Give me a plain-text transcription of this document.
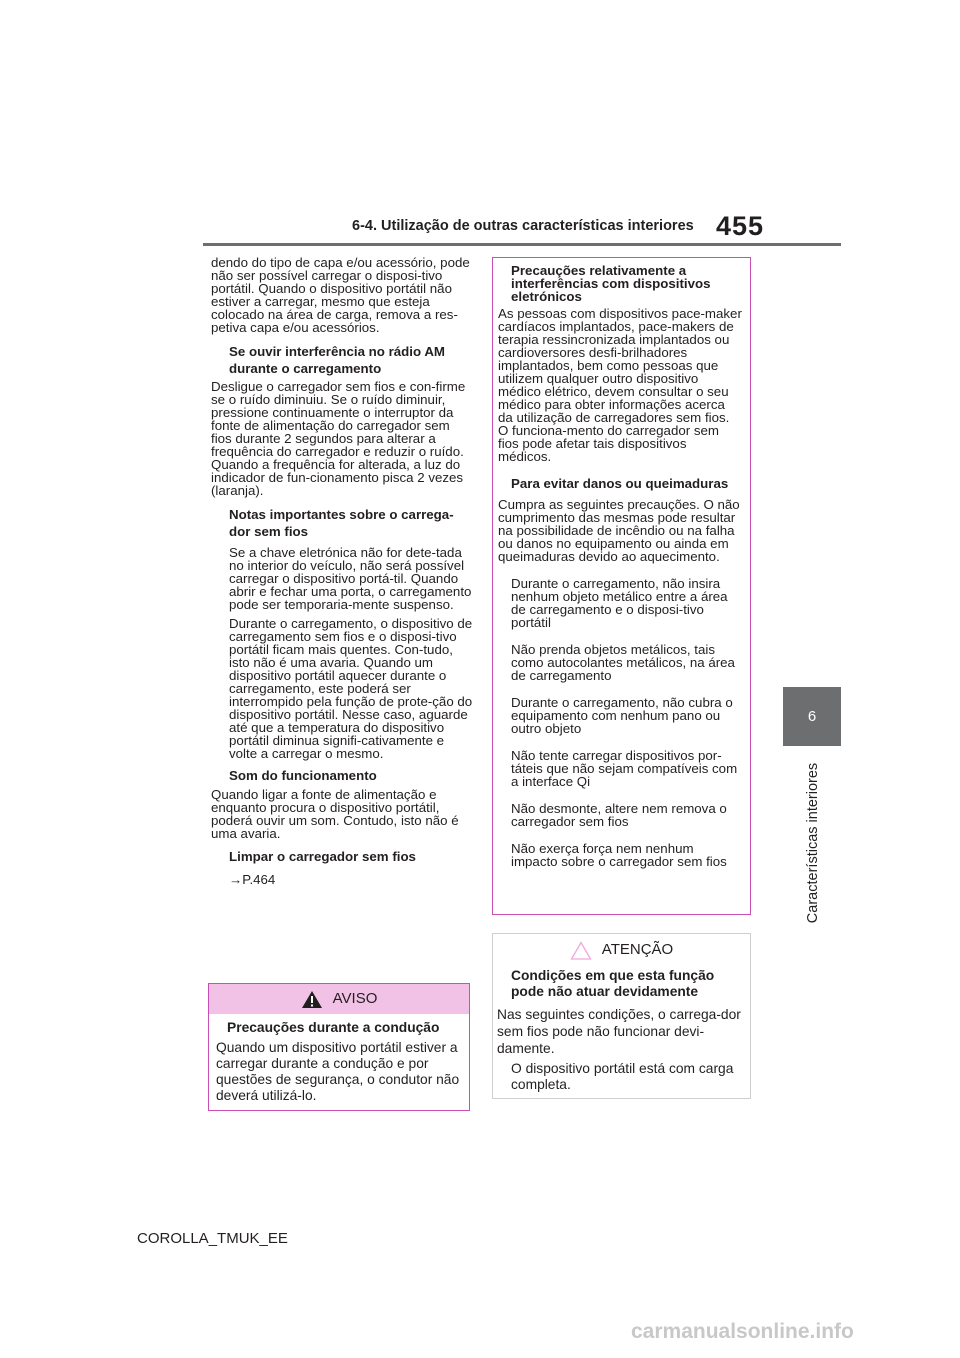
6-4. Utilização de outras características interiores 455
6
Características interiores

dendo do tipo de capa e/ou acessório, pode não ser possível carregar o disposi-tivo portátil. Quando o dispositivo portátil não estiver a carregar, mesmo que esteja colocado na área de carga, remova a res-petiva capa e/ou acessórios.

Se ouvir interferência no rádio AM durante o carregamento

Desligue o carregador sem fios e con-firme se o ruído diminuiu. Se o ruído diminuir, pressione continuamente o interruptor da fonte de alimentação do carregador sem fios durante 2 segundos para alterar a frequência do carregador e reduzir o ruído. Quando a frequência for alterada, a luz do indicador de fun-cionamento pisca 2 vezes (laranja).

Notas importantes sobre o carrega-dor sem fios

Se a chave eletrónica não for dete-tada no interior do veículo, não será possível carregar o dispositivo portá-til. Quando abrir e fechar uma porta, o carregamento pode ser temporaria-mente suspenso.

Durante o carregamento, o dispositivo de carregamento sem fios e o disposi-tivo portátil ficam mais quentes. Con-tudo, isto não é uma avaria. Quando um dispositivo portátil aquecer durante o carregamento, este poderá ser interrompido pela função de prote-ção do dispositivo portátil. Nesse caso, aguarde até que a temperatura do dispositivo portátil diminua signifi-cativamente e volte a carregar o mesmo.

Som do funcionamento

Quando ligar a fonte de alimentação e enquanto procura o dispositivo portátil, poderá ouvir um som. Contudo, isto não é uma avaria.

Limpar o carregador sem fios

→P.464

AVISO

Precauções durante a condução

Quando um dispositivo portátil estiver a carregar durante a condução e por questões de segurança, o condutor não deverá utilizá-lo.

Precauções relativamente a interferências com dispositivos eletrónicos

As pessoas com dispositivos pace-maker cardíacos implantados, pace-makers de terapia ressincronizada implantados ou cardioversores desfi-brilhadores implantados, bem como pessoas que utilizem qualquer outro dispositivo médico elétrico, devem consultar o seu médico para obter informações acerca da utilização de carregadores sem fios. O funciona-mento do carregador sem fios pode afetar tais dispositivos médicos.

Para evitar danos ou queimaduras

Cumpra as seguintes precauções. O não cumprimento das mesmas pode resultar na possibilidade de incêndio ou na falha ou danos no equipamento ou ainda em queimaduras devido ao aquecimento.

Durante o carregamento, não insira nenhum objeto metálico entre a área de carregamento e o disposi-tivo portátil

Não prenda objetos metálicos, tais como autocolantes metálicos, na área de carregamento

Durante o carregamento, não cubra o equipamento com nenhum pano ou outro objeto

Não tente carregar dispositivos por-táteis que não sejam compatíveis com a interface Qi

Não desmonte, altere nem remova o carregador sem fios

Não exerça força nem nenhum impacto sobre o carregador sem fios

ATENÇÃO

Condições em que esta função pode não atuar devidamente

Nas seguintes condições, o carrega-dor sem fios pode não funcionar devi-damente.

O dispositivo portátil está com carga completa.

COROLLA_TMUK_EE
carmanualsonline.info
